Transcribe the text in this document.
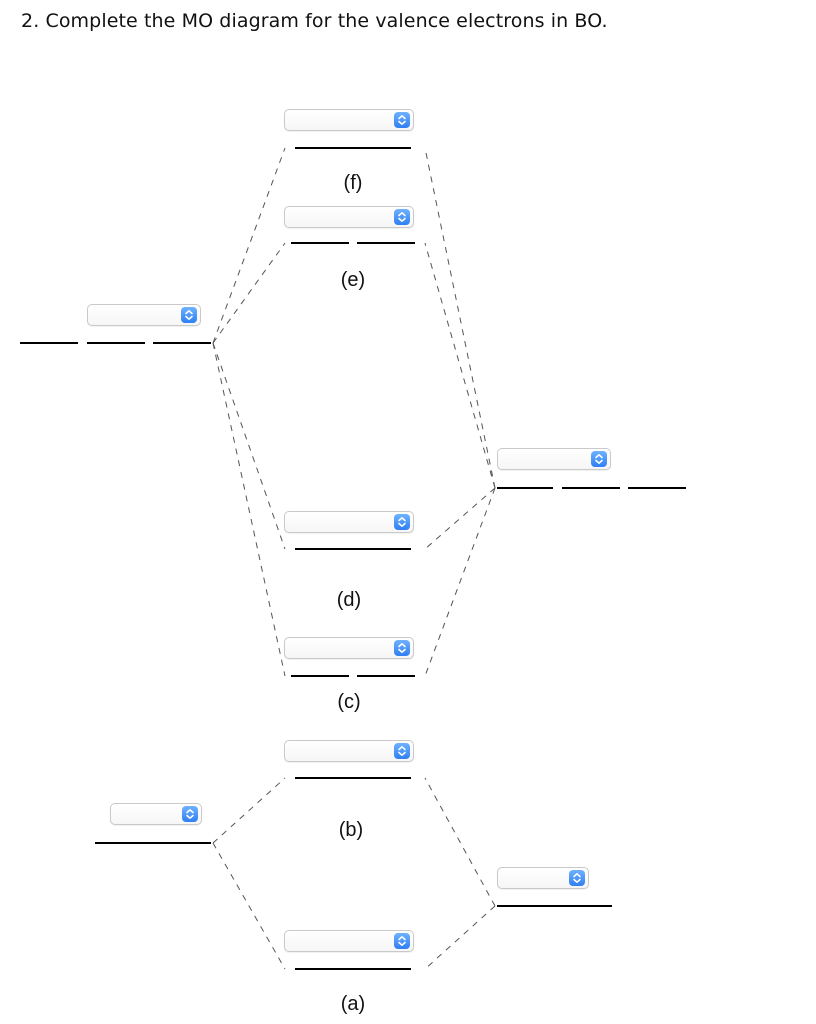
2. Complete the MO diagram for the valence electrons in BO.
(f)
(e)
(d)
(c)
(b)
(a)
